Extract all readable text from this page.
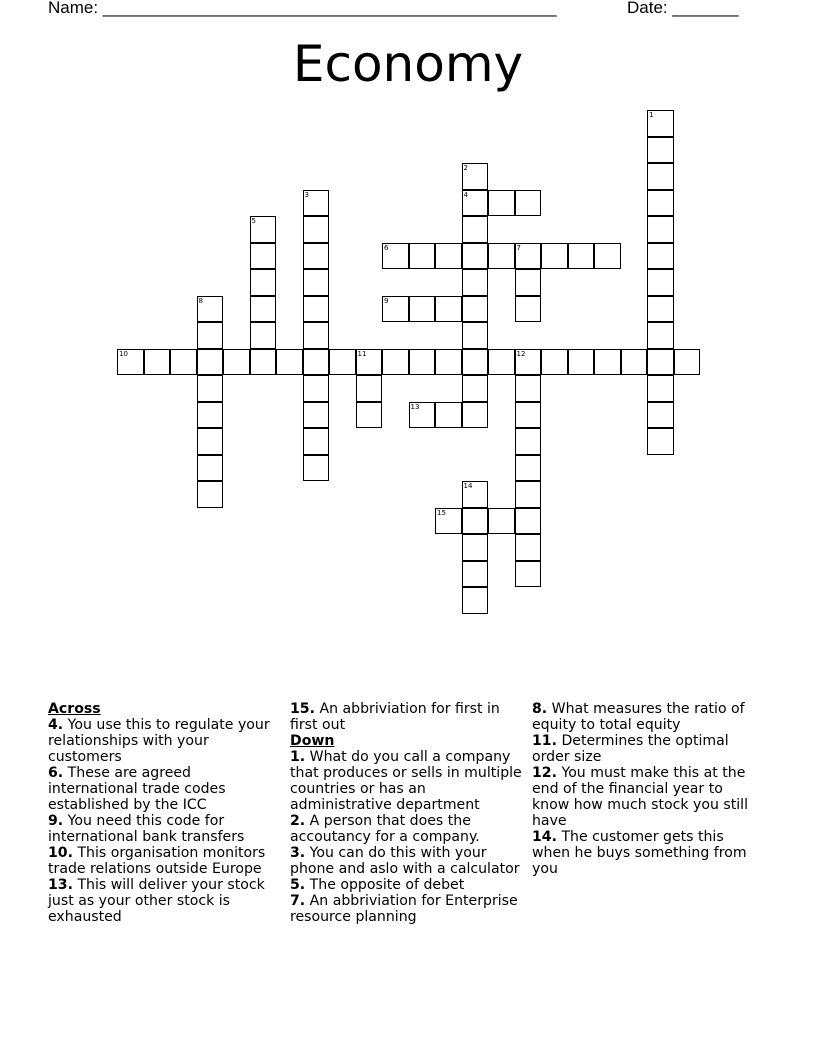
Name: ________________________________________________	Date: _______
Economy
1
2
4
3
5
6	7
8	9
10	11	12
13
14
15
Across
4. You use this to regulate your relationships with your customers
6. These are agreed international trade codes established by the ICC
9. You need this code for international bank transfers
10. This organisation monitors trade relations outside Europe
13. This will deliver your stock just as your other stock is exhausted
15. An abbriviation for first in first out
Down
1. What do you call a company that produces or sells in multiple countries or has an administrative department
2. A person that does the accoutancy for a company.
3. You can do this with your phone and aslo with a calculator
5. The opposite of debet
7. An abbriviation for Enterprise resource planning
8. What measures the ratio of equity to total equity
11. Determines the optimal order size
12. You must make this at the end of the financial year to know how much stock you still have
14. The customer gets this when he buys something from you
